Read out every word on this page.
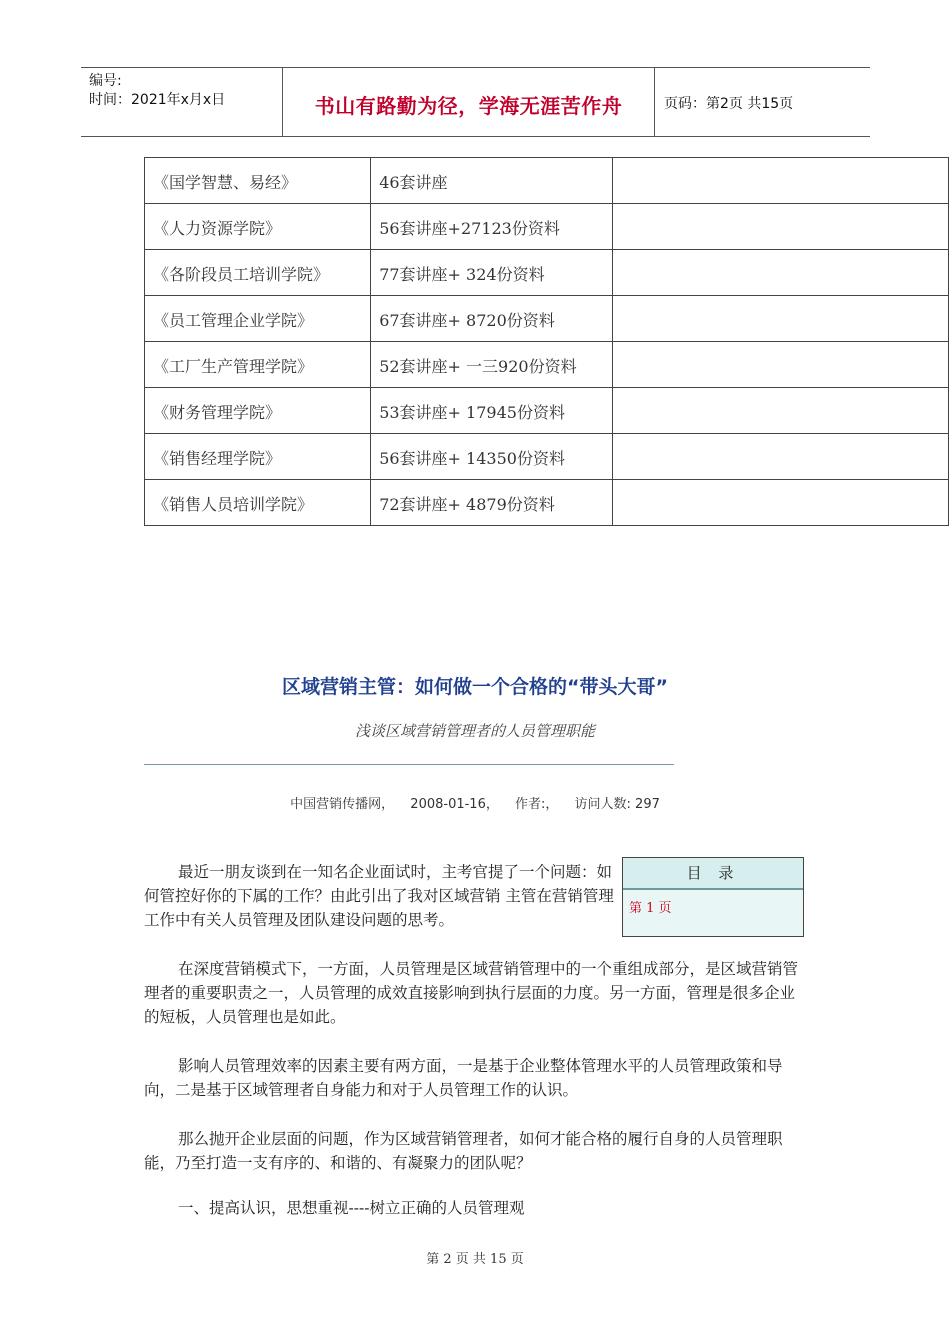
编号:
时间：2021年x月x日	书山有路勤为径，学海无涯苦作舟	页码：第2页 共15页
《国学智慧、易经》	46套讲座	
《人力资源学院》	56套讲座+27123份资料	
《各阶段员工培训学院》	77套讲座+ 324份资料	
《员工管理企业学院》	67套讲座+ 8720份资料	
《工厂生产管理学院》	52套讲座+ 一三920份资料	
《财务管理学院》	53套讲座+ 17945份资料	
《销售经理学院》	56套讲座+ 14350份资料	
《销售人员培训学院》	72套讲座+ 4879份资料	
区域营销主管：如何做一个合格的“带头大哥”
浅谈区域营销管理者的人员管理职能
中国营销传播网， 2008-01-16， 作者:， 访问人数: 297
最近一朋友谈到在一知名企业面试时，主考官提了一个问题：如何管控好你的下属的工作？由此引出了我对区域营销 主管在营销管理工作中有关人员管理及团队建设问题的思考。
在深度营销模式下，一方面，人员管理是区域营销管理中的一个重组成部分，是区域营销管理者的重要职责之一，人员管理的成效直接影响到执行层面的力度。另一方面，管理是很多企业的短板，人员管理也是如此。
影响人员管理效率的因素主要有两方面，一是基于企业整体管理水平的人员管理政策和导向，二是基于区域管理者自身能力和对于人员管理工作的认识。
那么抛开企业层面的问题，作为区域营销管理者，如何才能合格的履行自身的人员管理职能，乃至打造一支有序的、和谐的、有凝聚力的团队呢？
一、提高认识，思想重视----树立正确的人员管理观
目 录
第 1 页
第 2 页 共 15 页
